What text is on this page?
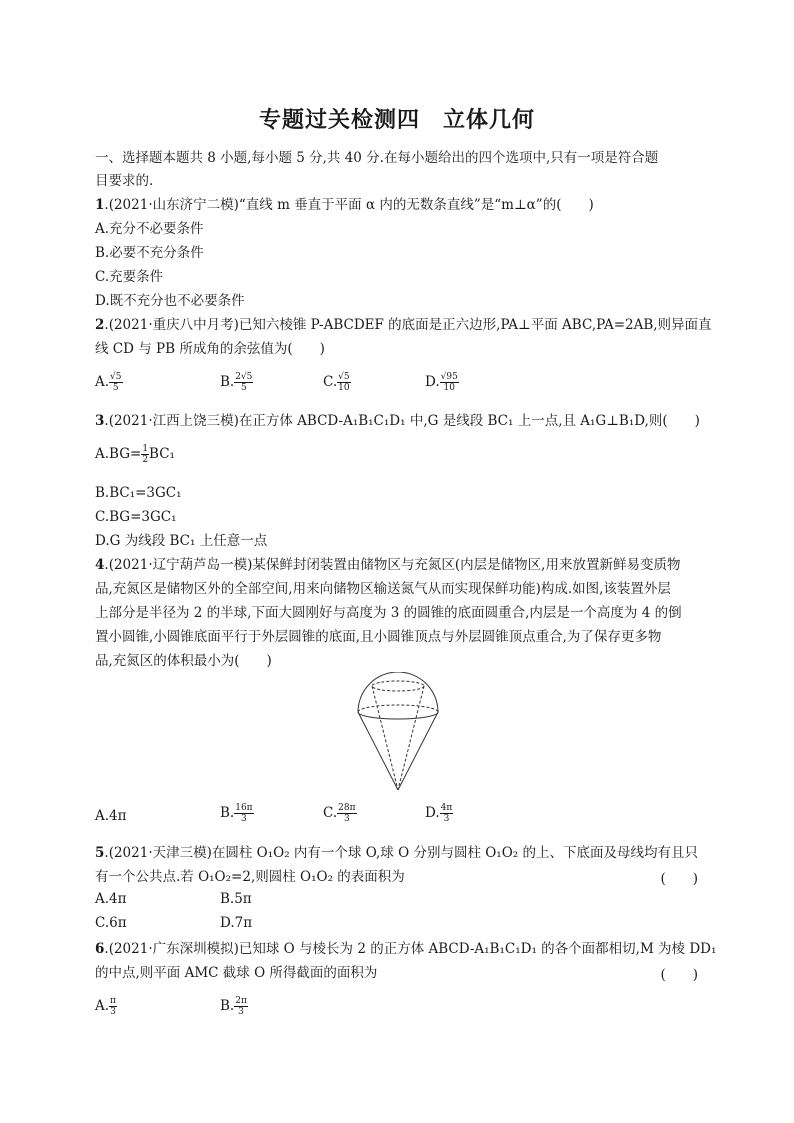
专题过关检测四　立体几何
一、选择题本题共 8 小题,每小题 5 分,共 40 分.在每小题给出的四个选项中,只有一项是符合题
目要求的.
1.(2021·山东济宁二模)“直线 m 垂直于平面 α 内的无数条直线”是“m⊥α”的(　　)
A.充分不必要条件
B.必要不充分条件
C.充要条件
D.既不充分也不必要条件
2.(2021·重庆八中月考)已知六棱锥 P-ABCDEF 的底面是正六边形,PA⊥平面 ABC,PA=2AB,则异面直
线 CD 与 PB 所成角的余弦值为(　　)
A. $\frac{√5}{5}$	B. $\frac{2√5}{5}$	C. $\frac{√5}{10}$	D. $\frac{√95}{10}$
3.(2021·江西上饶三模)在正方体 ABCD-A₁B₁C₁D₁ 中,G 是线段 BC₁ 上一点,且 A₁G⊥B₁D,则(　　)
$A.BG= \frac{1}{2} BC_1$
B.BC₁=3GC₁
C.BG=3GC₁
D.G 为线段 BC₁ 上任意一点
4.(2021·辽宁葫芦岛一模)某保鲜封闭装置由储物区与充氮区(内层是储物区,用来放置新鲜易变质物
品,充氮区是储物区外的全部空间,用来向储物区输送氮气从而实现保鲜功能)构成.如图,该装置外层
上部分是半径为 2 的半球,下面大圆刚好与高度为 3 的圆锥的底面圆重合,内层是一个高度为 4 的倒
置小圆锥,小圆锥底面平行于外层圆锥的底面,且小圆锥顶点与外层圆锥顶点重合,为了保存更多物
品,充氮区的体积最小为(　　)
A.4π	B. $\frac{16\pi}{3}$	C. $\frac{28\pi}{3}$	D. $\frac{4\pi}{3}$
5.(2021·天津三模)在圆柱 O₁O₂ 内有一个球 O,球 O 分别与圆柱 O₁O₂ 的上、下底面及母线均有且只
有一个公共点.若 O₁O₂=2,则圆柱 O₁O₂ 的表面积为	(　　)
A.4π	B.5π
C.6π	D.7π
6.(2021·广东深圳模拟)已知球 O 与棱长为 2 的正方体 ABCD-A₁B₁C₁D₁ 的各个面都相切,M 为棱 DD₁
的中点,则平面 AMC 截球 O 所得截面的面积为	(　　)
A. $\frac{\pi}{3}$	B. $\frac{2\pi}{3}$
